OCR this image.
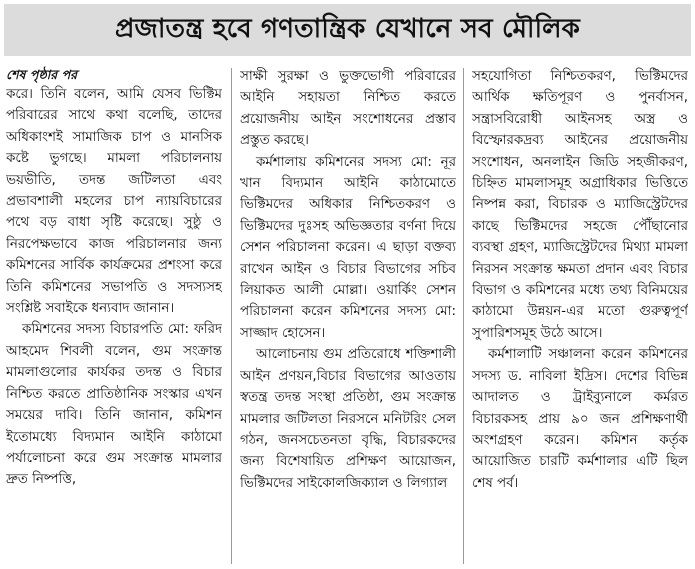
প্রজাতন্ত্র হবে গণতান্ত্রিক যেখানে সব মৌলিক

শেষ পৃষ্ঠার পর

করে। তিনি বলেন, আমি যেসব ভিক্টিম পরিবারের সাথে কথা বলেছি, তাদের অধিকাংশই সামাজিক চাপ ও মানসিক কষ্টে ভুগছে। মামলা পরিচালনায় ভয়ভীতি, তদন্ত জটিলতা এবং প্রভাবশালী মহলের চাপ ন্যায়বিচারের পথে বড় বাধা সৃষ্টি করেছে। সুষ্ঠু ও নিরপেক্ষভাবে কাজ পরিচালনার জন্য কমিশনের সার্বিক কার্যক্রমের প্রশংসা করে তিনি কমিশনের সভাপতি ও সদস্যসহ সংশ্লিষ্ট সবাইকে ধন্যবাদ জানান।

কমিশনের সদস্য বিচারপতি মো: ফরিদ আহমেদ শিবলী বলেন, গুম সংক্রান্ত মামলাগুলোর কার্যকর তদন্ত ও বিচার নিশ্চিত করতে প্রাতিষ্ঠানিক সংস্কার এখন সময়ের দাবি। তিনি জানান, কমিশন ইতোমধ্যে বিদ্যমান আইনি কাঠামো পর্যালোচনা করে গুম সংক্রান্ত মামলার দ্রুত নিষ্পত্তি,

সাক্ষী সুরক্ষা ও ভুক্তভোগী পরিবারের আইনি সহায়তা নিশ্চিত করতে প্রয়োজনীয় আইন সংশোধনের প্রস্তাব প্রস্তুত করছে।

কর্মশালায় কমিশনের সদস্য মো: নূর খান বিদ্যমান আইনি কাঠামোতে ভিক্টিমদের অধিকার নিশ্চিতকরণ ও ভিক্টিমদের দুঃসহ অভিজ্ঞতার বর্ণনা দিয়ে সেশন পরিচালনা করেন। এ ছাড়া বক্তব্য রাখেন আইন ও বিচার বিভাগের সচিব লিয়াকত আলী মোল্লা। ওয়ার্কিং সেশন পরিচালনা করেন কমিশনের সদস্য মো: সাজ্জাদ হোসেন।

আলোচনায় গুম প্রতিরোধে শক্তিশালী আইন প্রণয়ন,বিচার বিভাগের আওতায় স্বতন্ত্র তদন্ত সংস্থা প্রতিষ্ঠা, গুম সংক্রান্ত মামলার জটিলতা নিরসনে মনিটরিং সেল গঠন, জনসচেতনতা বৃদ্ধি, বিচারকদের জন্য বিশেষায়িত প্রশিক্ষণ আয়োজন, ভিক্টিমদের সাইকোলজিক্যাল ও লিগ্যাল

সহযোগিতা নিশ্চিতকরণ, ভিক্টিমদের আর্থিক ক্ষতিপূরণ ও পুনর্বাসন, সন্ত্রাসবিরোধী আইনসহ অস্ত্র ও বিস্ফোরকদ্রব্য আইনের প্রয়োজনীয় সংশোধন, অনলাইন জিডি সহজীকরণ, চিহ্নিত মামলাসমূহ অগ্রাধিকার ভিত্তিতে নিষ্পন্ন করা, বিচারক ও ম্যাজিস্ট্রেটদের কাছে ভিক্টিমদের সহজে পৌঁছানোর ব্যবস্থা গ্রহণ, ম্যাজিস্ট্রেটদের মিথ্যা মামলা নিরসন সংক্রান্ত ক্ষমতা প্রদান এবং বিচার বিভাগ ও কমিশনের মধ্যে তথ্য বিনিময়ের কাঠামো উন্নয়ন-এর মতো গুরুত্বপূর্ণ সুপারিশসমূহ উঠে আসে।

কর্মশালাটি সঞ্চালনা করেন কমিশনের সদস্য ড. নাবিলা ইদ্রিস। দেশের বিভিন্ন আদালত ও ট্রাইব্যুনালে কর্মরত বিচারকসহ প্রায় ৯০ জন প্রশিক্ষণার্থী অংশগ্রহণ করেন। কমিশন কর্তৃক আয়োজিত চারটি কর্মশালার এটি ছিল শেষ পর্ব।
